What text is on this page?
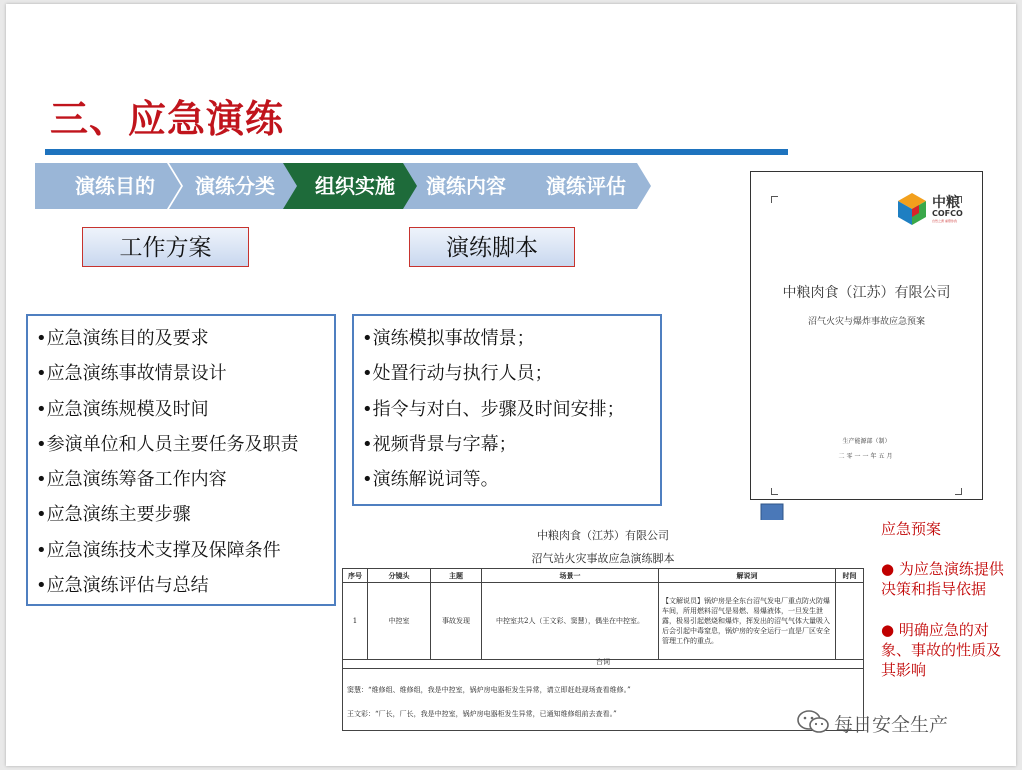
三、应急演练
演练目的	演练分类	组织实施	演练内容	演练评估
工作方案	演练脚本
•应急演练目的及要求
•应急演练事故情景设计
•应急演练规模及时间
•参演单位和人员主要任务及职责
•应急演练筹备工作内容
•应急演练主要步骤
•应急演练技术支撑及保障条件
•应急演练评估与总结
•演练模拟事故情景；
•处置行动与执行人员；
•指令与对白、步骤及时间安排；
•视频背景与字幕；
•演练解说词等。
中粮
COFCO
自然之源 重塑你我
中粮肉食（江苏）有限公司
沼气火灾与爆炸事故应急预案
生产能源部（制）
二零一一年五月
应急预案
● 为应急演练提供决策和指导依据
● 明确应急的对象、事故的性质及其影响
中粮肉食（江苏）有限公司
沼气站火灾事故应急演练脚本
序号	分镜头	主题	场景一	解说词	时间
1	中控室	事故发现	中控室共2人（王文彩、窦慧），偶坐在中控室。	【文解说员】锅炉房是全东台沼气发电厂重点防火防爆车间，所用燃料沼气是易燃、易爆液体，一旦发生泄露，极易引起燃烧和爆炸，挥发出的沼气气体大量吸入后会引起中毒窒息，锅炉房的安全运行一直是厂区安全管理工作的重点。	
台词
窦慧：“维修组、维修组，我是中控室，锅炉房电器柜发生异常，请立即赶赴现场查看维修。”
王文彩：“厂长，厂长，我是中控室，锅炉房电器柜发生异常，已通知维修组前去查看。”	每日安全生产
